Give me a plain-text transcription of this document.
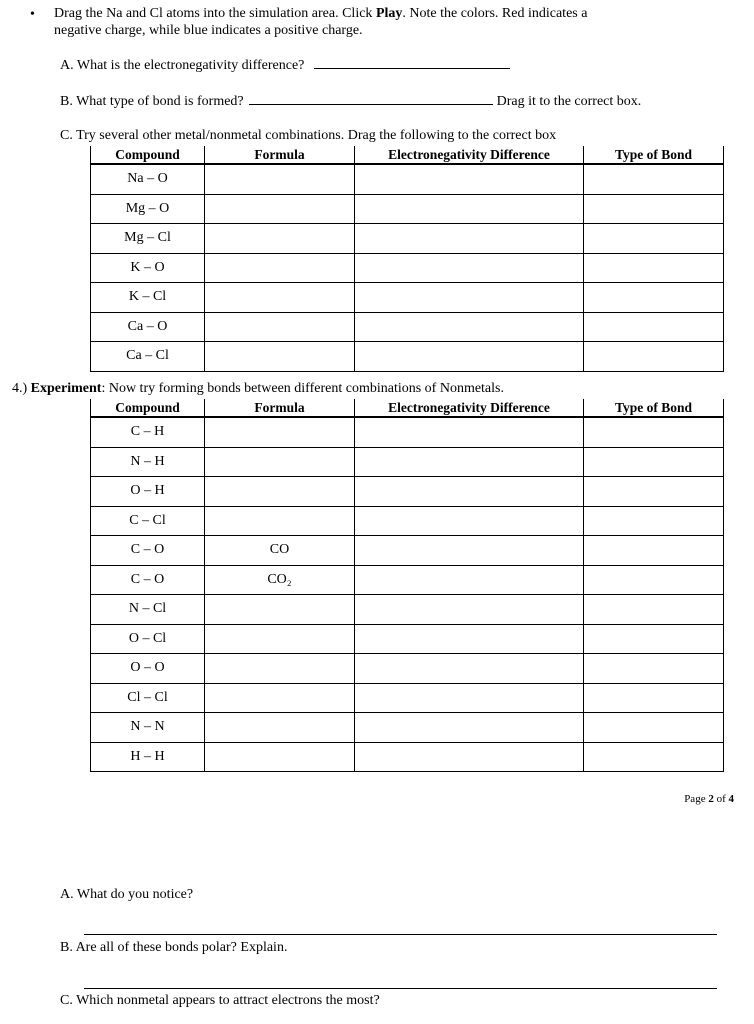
• Drag the Na and Cl atoms into the simulation area. Click Play. Note the colors. Red indicates a
negative charge, while blue indicates a positive charge.
A. What is the electronegativity difference?
B. What type of bond is formed?	Drag it to the correct box.
C. Try several other metal/nonmetal combinations. Drag the following to the correct box
Compound	Formula	Electronegativity Difference	Type of Bond
Na – O			
Mg – O			
Mg – Cl			
K – O			
K – Cl			
Ca – O			
Ca – Cl			
4.) Experiment: Now try forming bonds between different combinations of Nonmetals.
Compound	Formula	Electronegativity Difference	Type of Bond
C – H			
N – H			
O – H			
C – Cl			
C – O	CO		
C – O	CO₂		
N – Cl			
O – Cl			
O – O			
Cl – Cl			
N – N			
H – H			
Page 2 of 4
A. What do you notice?
B. Are all of these bonds polar? Explain.
C. Which nonmetal appears to attract electrons the most?
